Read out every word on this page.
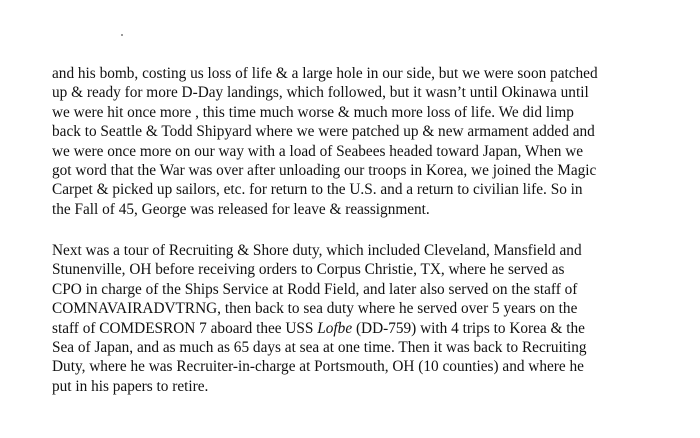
and his bomb, costing us loss of life & a large hole in our side, but we were soon patched
up & ready for more D-Day landings, which followed, but it wasn’t until Okinawa until
we were hit once more , this time much worse & much more loss of life. We did limp
back to Seattle & Todd Shipyard where we were patched up & new armament added and
we were once more on our way with a load of Seabees headed toward Japan, When we
got word that the War was over after unloading our troops in Korea, we joined the Magic
Carpet & picked up sailors, etc. for return to the U.S. and a return to civilian life. So in
the Fall of 45, George was released for leave & reassignment.

Next was a tour of Recruiting & Shore duty, which included Cleveland, Mansfield and
Stunenville, OH before receiving orders to Corpus Christie, TX, where he served as
CPO in charge of the Ships Service at Rodd Field, and later also served on the staff of
COMNAVAIRADVTRNG, then back to sea duty where he served over 5 years on the
staff of COMDESRON 7 aboard thee USS Lofbe (DD-759) with 4 trips to Korea & the
Sea of Japan, and as much as 65 days at sea at one time. Then it was back to Recruiting
Duty, where he was Recruiter-in-charge at Portsmouth, OH (10 counties) and where he
put in his papers to retire.
